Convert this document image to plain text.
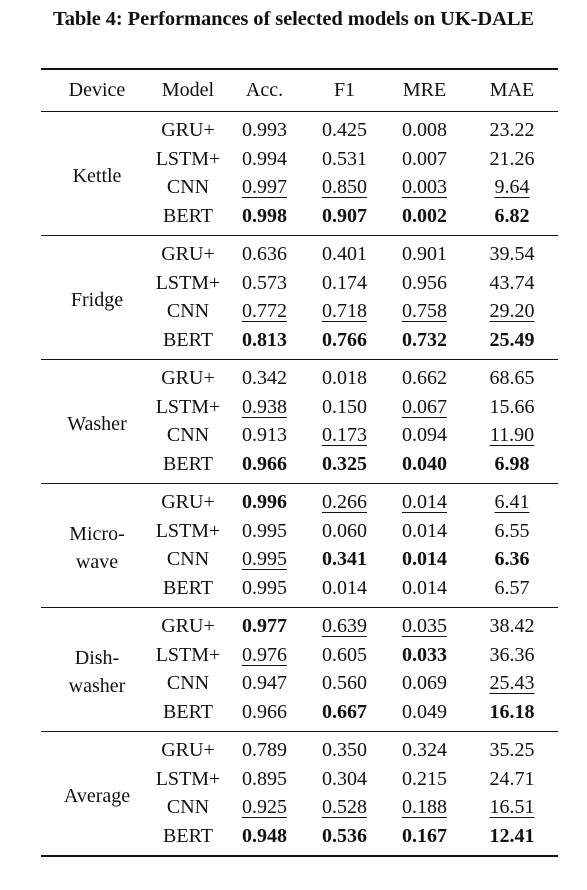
Table 4: Performances of selected models on UK-DALE
Device	Model	Acc.	F1	MRE	MAE
Kettle	GRU+	0.993	0.425	0.008	23.22
	LSTM+	0.994	0.531	0.007	21.26
	CNN	0.997	0.850	0.003	9.64
	BERT	0.998	0.907	0.002	6.82
Fridge	GRU+	0.636	0.401	0.901	39.54
	LSTM+	0.573	0.174	0.956	43.74
	CNN	0.772	0.718	0.758	29.20
	BERT	0.813	0.766	0.732	25.49
Washer	GRU+	0.342	0.018	0.662	68.65
	LSTM+	0.938	0.150	0.067	15.66
	CNN	0.913	0.173	0.094	11.90
	BERT	0.966	0.325	0.040	6.98
Micro-
wave	GRU+	0.996	0.266	0.014	6.41
	LSTM+	0.995	0.060	0.014	6.55
	CNN	0.995	0.341	0.014	6.36
	BERT	0.995	0.014	0.014	6.57
Dish-
washer	GRU+	0.977	0.639	0.035	38.42
	LSTM+	0.976	0.605	0.033	36.36
	CNN	0.947	0.560	0.069	25.43
	BERT	0.966	0.667	0.049	16.18
Average	GRU+	0.789	0.350	0.324	35.25
	LSTM+	0.895	0.304	0.215	24.71
	CNN	0.925	0.528	0.188	16.51
	BERT	0.948	0.536	0.167	12.41
